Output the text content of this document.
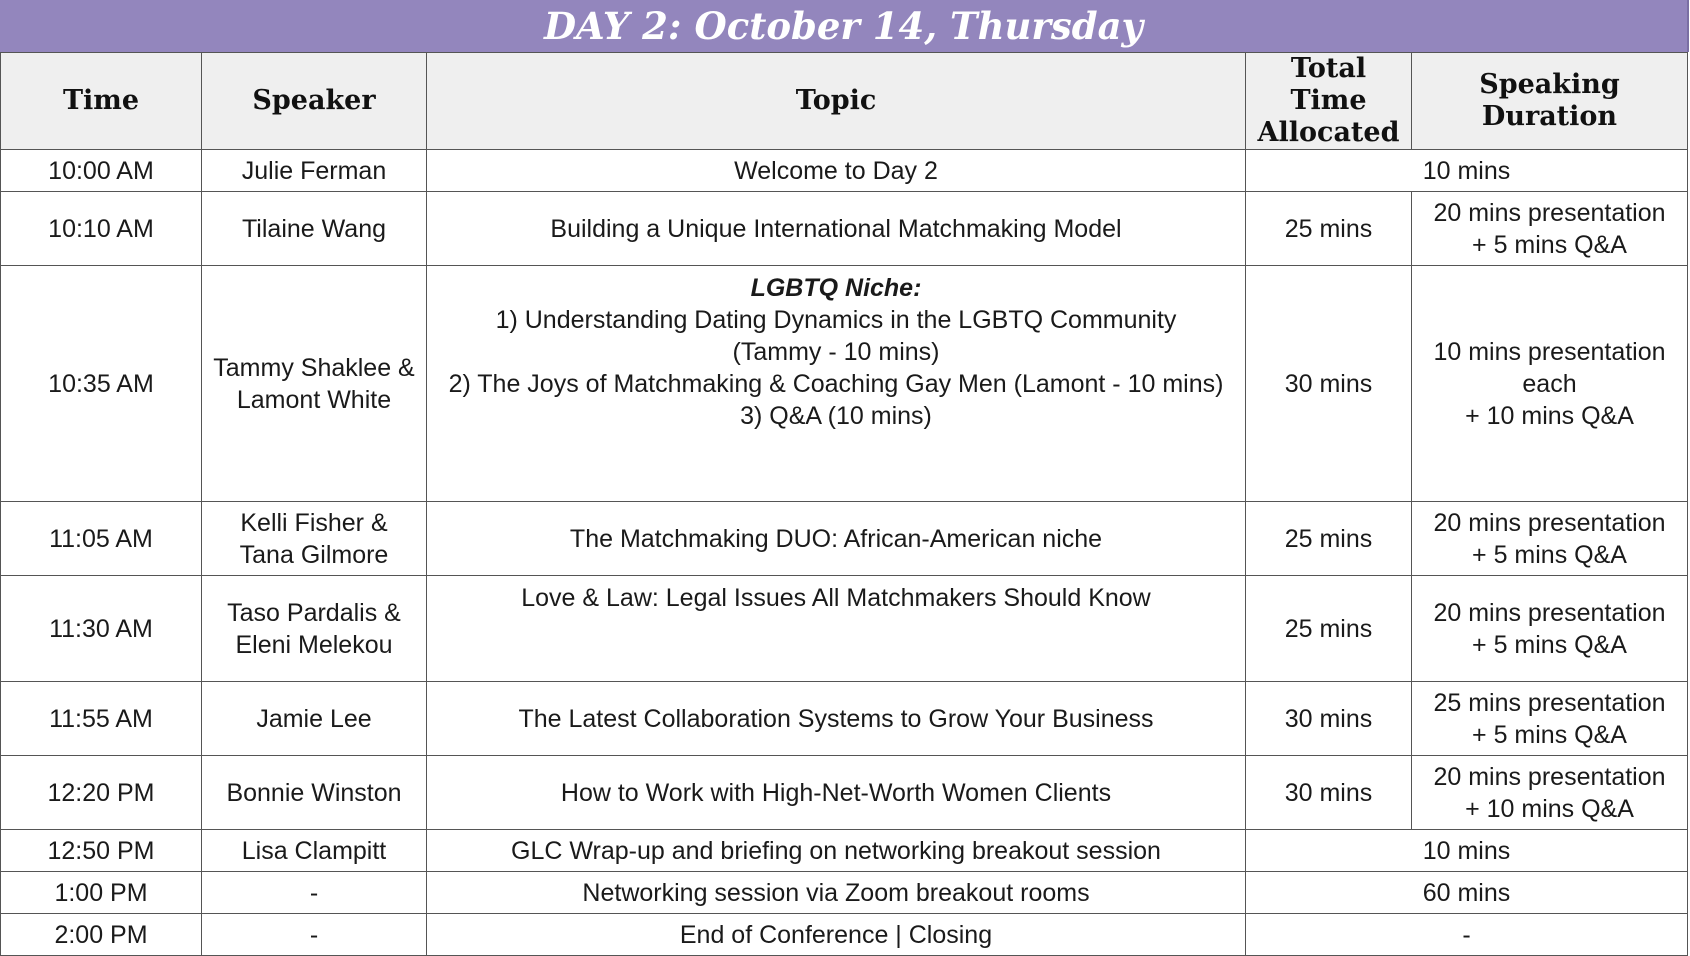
DAY 2: October 14, Thursday
Time	Speaker	Topic	Total Time Allocated	Speaking Duration
10:00 AM	Julie Ferman	Welcome to Day 2	10 mins	
10:10 AM	Tilaine Wang	Building a Unique International Matchmaking Model	25 mins	20 mins presentation
+ 5 mins Q&A

10:35 AM	Tammy Shaklee &
Lamont White	LGBTQ Niche:
1) Understanding Dating Dynamics in the LGBTQ Community
(Tammy - 10 mins)
2) The Joys of Matchmaking & Coaching Gay Men (Lamont - 10 mins)
3) Q&A (10 mins)	30 mins	10 mins presentation
each
+ 10 mins Q&A

11:05 AM	Kelli Fisher &
Tana Gilmore	The Matchmaking DUO: African-American niche	25 mins	20 mins presentation
+ 5 mins Q&A

11:30 AM	Taso Pardalis &
Eleni Melekou	Love & Law: Legal Issues All Matchmakers Should Know	25 mins	20 mins presentation
+ 5 mins Q&A

11:55 AM	Jamie Lee	The Latest Collaboration Systems to Grow Your Business	30 mins	25 mins presentation
+ 5 mins Q&A

12:20 PM	Bonnie Winston	How to Work with High-Net-Worth Women Clients	30 mins	20 mins presentation
+ 10 mins Q&A

12:50 PM	Lisa Clampitt	GLC Wrap-up and briefing on networking breakout session	10 mins	
1:00 PM	-	Networking session via Zoom breakout rooms	60 mins	
2:00 PM	-	End of Conference | Closing	-	
